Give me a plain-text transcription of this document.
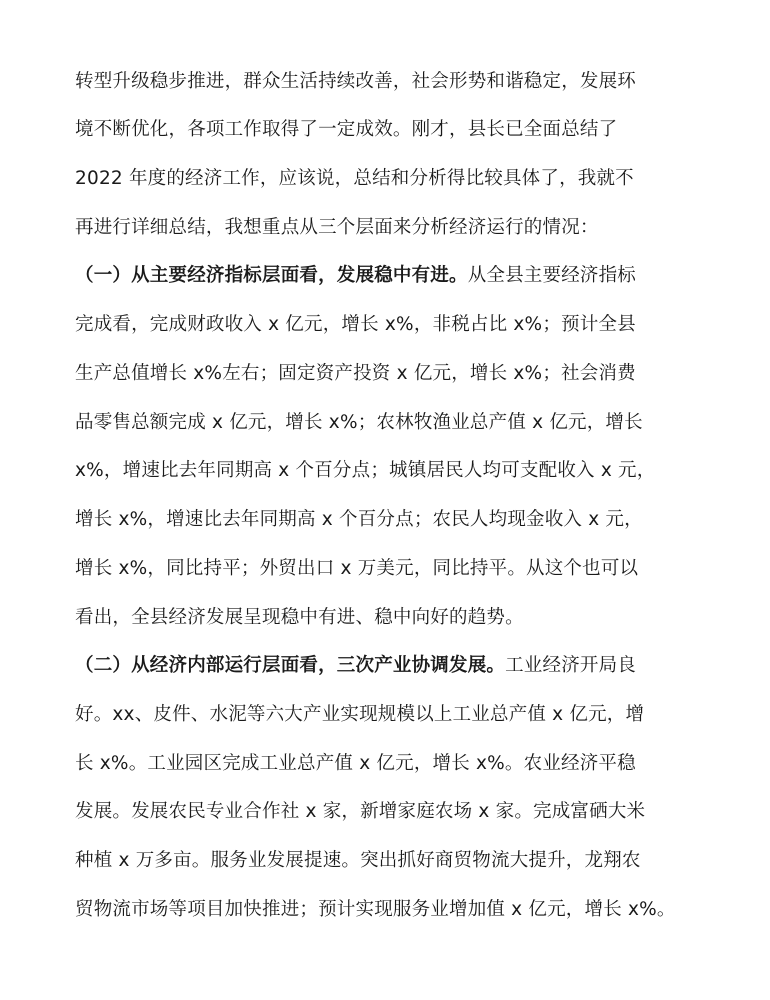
转型升级稳步推进，群众生活持续改善，社会形势和谐稳定，发展环
境不断优化，各项工作取得了一定成效。刚才，县长已全面总结了
2022 年度的经济工作，应该说，总结和分析得比较具体了，我就不
再进行详细总结，我想重点从三个层面来分析经济运行的情况：
（一）从主要经济指标层面看，发展稳中有进。从全县主要经济指标
完成看，完成财政收入 x 亿元，增长 x%，非税占比 x%；预计全县
生产总值增长 x%左右；固定资产投资 x 亿元，增长 x%；社会消费
品零售总额完成 x 亿元，增长 x%；农林牧渔业总产值 x 亿元，增长
x%，增速比去年同期高 x 个百分点；城镇居民人均可支配收入 x 元，
增长 x%，增速比去年同期高 x 个百分点；农民人均现金收入 x 元，
增长 x%，同比持平；外贸出口 x 万美元，同比持平。从这个也可以
看出，全县经济发展呈现稳中有进、稳中向好的趋势。
（二）从经济内部运行层面看，三次产业协调发展。工业经济开局良
好。xx、皮件、水泥等六大产业实现规模以上工业总产值 x 亿元，增
长 x%。工业园区完成工业总产值 x 亿元，增长 x%。农业经济平稳
发展。发展农民专业合作社 x 家，新增家庭农场 x 家。完成富硒大米
种植 x 万多亩。服务业发展提速。突出抓好商贸物流大提升，龙翔农
贸物流市场等项目加快推进；预计实现服务业增加值 x 亿元，增长 x%。
